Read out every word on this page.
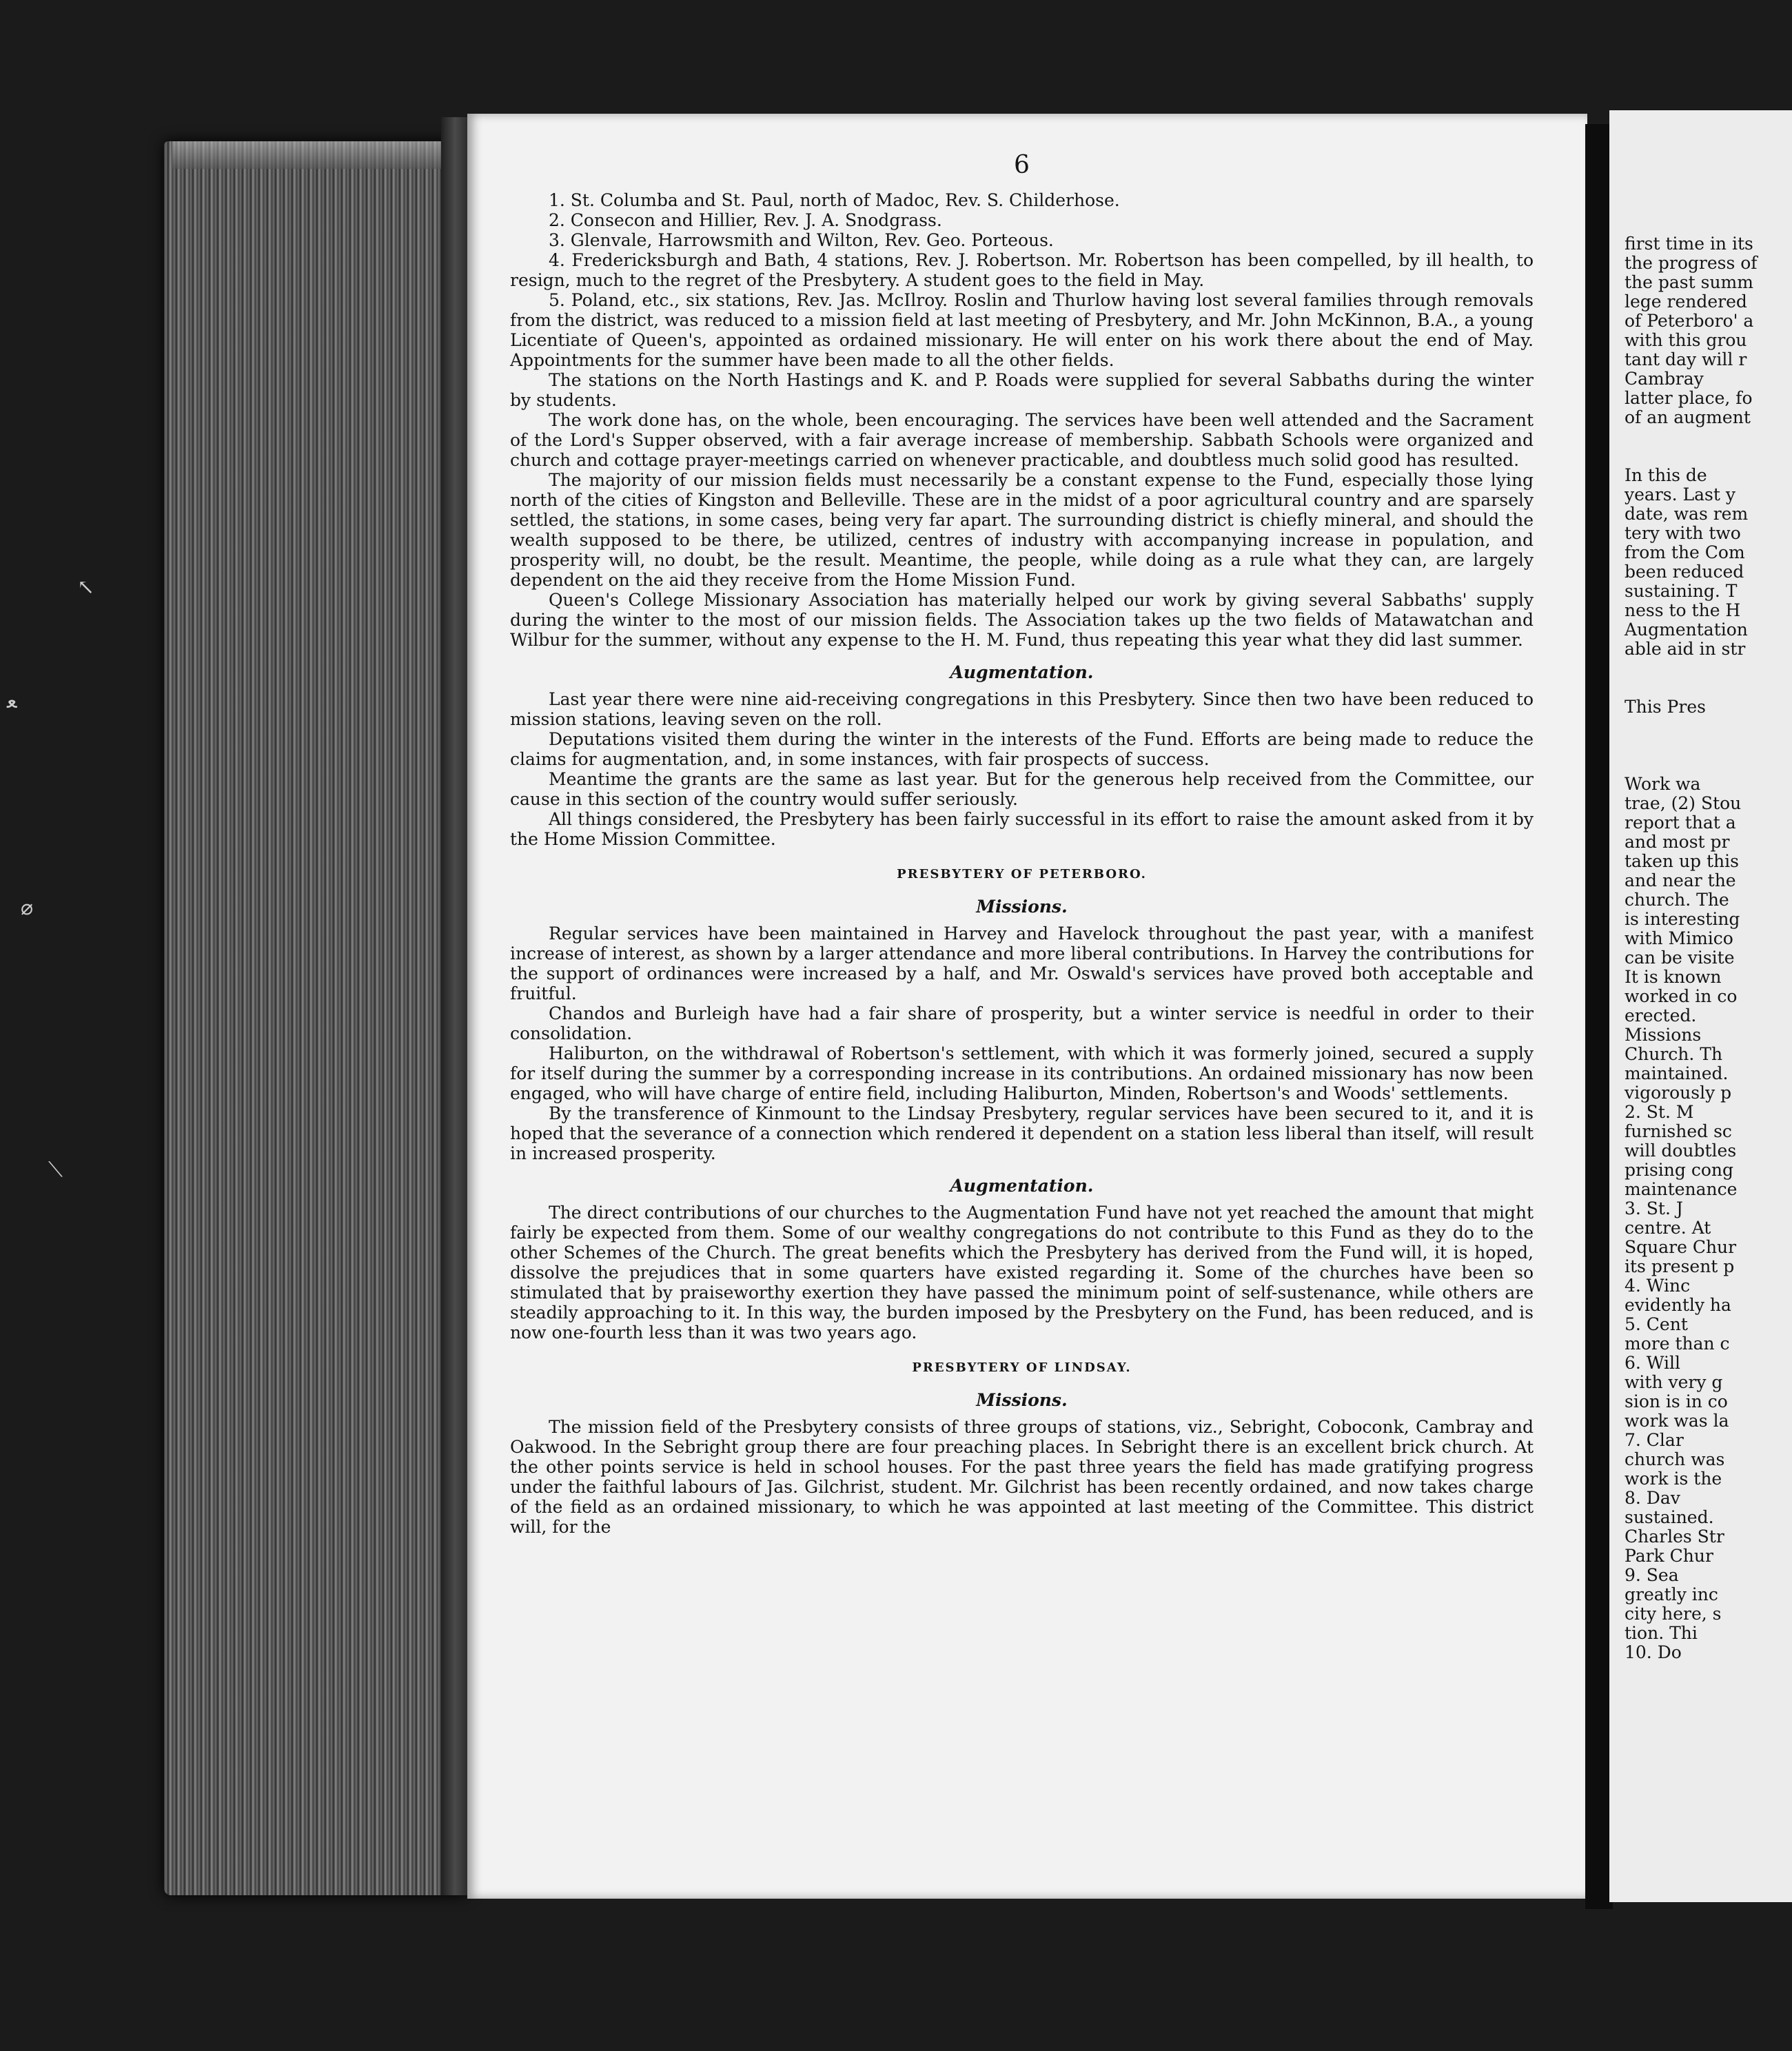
↖
ﻌ
⌀
⟍
6

1. St. Columba and St. Paul, north of Madoc, Rev. S. Childerhose.

2. Consecon and Hillier, Rev. J. A. Snodgrass.

3. Glenvale, Harrowsmith and Wilton, Rev. Geo. Porteous.

4. Fredericksburgh and Bath, 4 stations, Rev. J. Robertson. Mr. Robertson has been compelled, by ill health, to resign, much to the regret of the Presbytery. A student goes to the field in May.

5. Poland, etc., six stations, Rev. Jas. McIlroy. Roslin and Thurlow having lost several families through removals from the district, was reduced to a mission field at last meeting of Presbytery, and Mr. John McKinnon, B.A., a young Licentiate of Queen's, appointed as ordained missionary. He will enter on his work there about the end of May. Appointments for the summer have been made to all the other fields.

The stations on the North Hastings and K. and P. Roads were supplied for several Sabbaths during the winter by students.

The work done has, on the whole, been encouraging. The services have been well attended and the Sacrament of the Lord's Supper observed, with a fair average increase of membership. Sabbath Schools were organized and church and cottage prayer-meetings carried on whenever practicable, and doubtless much solid good has resulted.

The majority of our mission fields must necessarily be a constant expense to the Fund, especially those lying north of the cities of Kingston and Belleville. These are in the midst of a poor agricultural country and are sparsely settled, the stations, in some cases, being very far apart. The surrounding district is chiefly mineral, and should the wealth supposed to be there, be utilized, centres of industry with accompanying increase in population, and prosperity will, no doubt, be the result. Meantime, the people, while doing as a rule what they can, are largely dependent on the aid they receive from the Home Mission Fund.

Queen's College Missionary Association has materially helped our work by giving several Sabbaths' supply during the winter to the most of our mission fields. The Association takes up the two fields of Matawatchan and Wilbur for the summer, without any expense to the H. M. Fund, thus repeating this year what they did last summer.

Augmentation.

Last year there were nine aid-receiving congregations in this Presbytery. Since then two have been reduced to mission stations, leaving seven on the roll.

Deputations visited them during the winter in the interests of the Fund. Efforts are being made to reduce the claims for augmentation, and, in some instances, with fair prospects of success.

Meantime the grants are the same as last year. But for the generous help received from the Committee, our cause in this section of the country would suffer seriously.

All things considered, the Presbytery has been fairly successful in its effort to raise the amount asked from it by the Home Mission Committee.

PRESBYTERY OF PETERBORO.
Missions.

Regular services have been maintained in Harvey and Havelock throughout the past year, with a manifest increase of interest, as shown by a larger attendance and more liberal contributions. In Harvey the contributions for the support of ordinances were increased by a half, and Mr. Oswald's services have proved both acceptable and fruitful.

Chandos and Burleigh have had a fair share of prosperity, but a winter service is needful in order to their consolidation.

Haliburton, on the withdrawal of Robertson's settlement, with which it was formerly joined, secured a supply for itself during the summer by a corresponding increase in its contributions. An ordained missionary has now been engaged, who will have charge of entire field, including Haliburton, Minden, Robertson's and Woods' settlements.

By the transference of Kinmount to the Lindsay Presbytery, regular services have been secured to it, and it is hoped that the severance of a connection which rendered it dependent on a station less liberal than itself, will result in increased prosperity.

Augmentation.

The direct contributions of our churches to the Augmentation Fund have not yet reached the amount that might fairly be expected from them. Some of our wealthy congregations do not contribute to this Fund as they do to the other Schemes of the Church. The great benefits which the Presbytery has derived from the Fund will, it is hoped, dissolve the prejudices that in some quarters have existed regarding it. Some of the churches have been so stimulated that by praiseworthy exertion they have passed the minimum point of self-sustenance, while others are steadily approaching to it. In this way, the burden imposed by the Presbytery on the Fund, has been reduced, and is now one-fourth less than it was two years ago.

PRESBYTERY OF LINDSAY.
Missions.

The mission field of the Presbytery consists of three groups of stations, viz., Sebright, Coboconk, Cambray and Oakwood. In the Sebright group there are four preaching places. In Sebright there is an excellent brick church. At the other points service is held in school houses. For the past three years the field has made gratifying progress under the faithful labours of Jas. Gilchrist, student. Mr. Gilchrist has been recently ordained, and now takes charge of the field as an ordained missionary, to which he was appointed at last meeting of the Committee. This district will, for the

first time in its
the progress of
the past summ
lege rendered
of Peterboro' a
with this grou
tant day will r
Cambray
latter place, fo
of an augment

In this de
years. Last y
date, was rem
tery with two
from the Com
been reduced
sustaining. T
ness to the H
Augmentation
able aid in str

This Pres

Work wa
trae, (2) Stou
report that a
and most pr
taken up this
and near the
church. The
is interesting
with Mimico
can be visite
It is known
worked in co
erected.
Missions
Church. Th
maintained.
vigorously p
2. St. M
furnished sc
will doubtles
prising cong
maintenance
3. St. J
centre. At
Square Chur
its present p
4. Winc
evidently ha
5. Cent
more than c
6. Will
with very g
sion is in co
work was la
7. Clar
church was
work is the
8. Dav
sustained.
Charles Str
Park Chur
9. Sea
greatly inc
city here, s
tion. Thi
10. Do
